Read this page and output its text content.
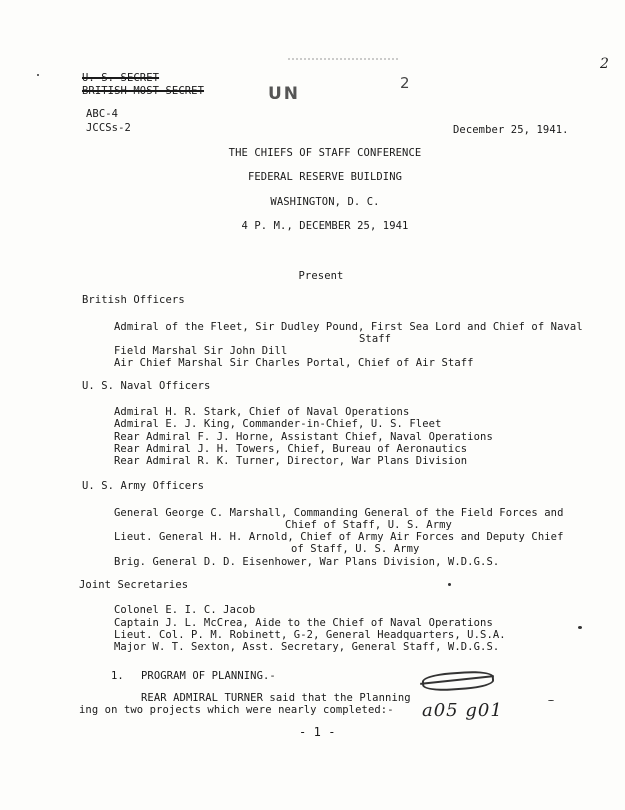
U. S. SECRET
BRITISH MOST SECRET	UN
2
2
ABC-4
JCCSs-2	December 25, 1941.
THE CHIEFS OF STAFF CONFERENCE
FEDERAL RESERVE BUILDING
WASHINGTON, D. C.
4 P. M., DECEMBER 25, 1941
Present
British Officers
Admiral of the Fleet, Sir Dudley Pound, First Sea Lord and Chief of Naval
Staff
Field Marshal Sir John Dill
Air Chief Marshal Sir Charles Portal, Chief of Air Staff
U. S. Naval Officers
Admiral H. R. Stark, Chief of Naval Operations
Admiral E. J. King, Commander-in-Chief, U. S. Fleet
Rear Admiral F. J. Horne, Assistant Chief, Naval Operations
Rear Admiral J. H. Towers, Chief, Bureau of Aeronautics
Rear Admiral R. K. Turner, Director, War Plans Division
U. S. Army Officers
General George C. Marshall, Commanding General of the Field Forces and
Chief of Staff, U. S. Army
Lieut. General H. H. Arnold, Chief of Army Air Forces and Deputy Chief
of Staff, U. S. Army
Brig. General D. D. Eisenhower, War Plans Division, W.D.G.S.
Joint Secretaries
Colonel E. I. C. Jacob
Captain J. L. McCrea, Aide to the Chief of Naval Operations
Lieut. Col. P. M. Robinett, G-2, General Headquarters, U.S.A.
Major W. T. Sexton, Asst. Secretary, General Staff, W.D.G.S.
1. PROGRAM OF PLANNING.-
REAR ADMIRAL TURNER said that the Planning
ing on two projects which were nearly completed:- a05 g01
- 1 -
